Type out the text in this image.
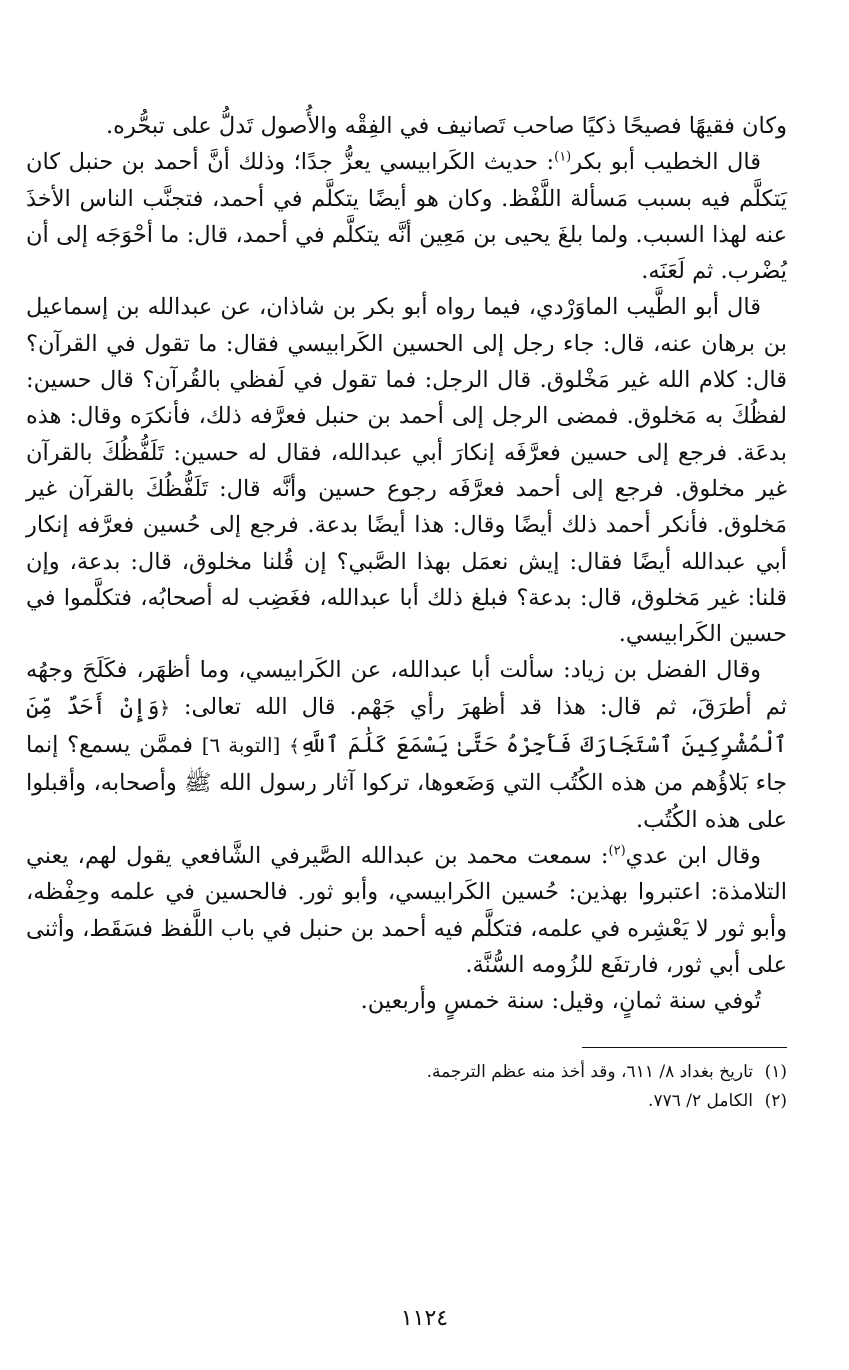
وكان فقيهًا فصيحًا ذكيًا صاحب تَصانيف في الفِقْه والأُصول تَدلُّ على تبحُّره.

قال الخطيب أبو بكر$^{(١)}$: حديث الكَرابيسي يعزُّ جدًا؛ وذلك أنَّ أحمد بن حنبل كان يَتكلَّم فيه بسبب مَسألة اللَّفْظ. وكان هو أيضًا يتكلَّم في أحمد، فتجنَّب الناس الأخذَ عنه لهذا السبب. ولما بلغَ يحيى بن مَعِين أنَّه يتكلَّم في أحمد، قال: ما أحْوَجَه إلى أن يُضْرب. ثم لَعَنَه.

قال أبو الطَّيب الماوَرْدي، فيما رواه أبو بكر بن شاذان، عن عبدالله بن إسماعيل بن برهان عنه، قال: جاء رجل إلى الحسين الكَرابيسي فقال: ما تقول في القرآن؟ قال: كلام الله غير مَخْلوق. قال الرجل: فما تقول في لَفظي بالقُرآن؟ قال حسين: لفظُكَ به مَخلوق. فمضى الرجل إلى أحمد بن حنبل فعرَّفه ذلك، فأنكرَه وقال: هذه بدعَة. فرجع إلى حسين فعرَّفَه إنكارَ أبي عبدالله، فقال له حسين: تَلَفُّظُكَ بالقرآن غير مخلوق. فرجع إلى أحمد فعرَّفَه رجوع حسين وأنَّه قال: تَلَفُّظُكَ بالقرآن غير مَخلوق. فأنكر أحمد ذلك أيضًا وقال: هذا أيضًا بدعة. فرجع إلى حُسين فعرَّفه إنكار أبي عبدالله أيضًا فقال: إيش نعمَل بهذا الصَّبي؟ إن قُلنا مخلوق، قال: بدعة، وإن قلنا: غير مَخلوق، قال: بدعة؟ فبلغ ذلك أبا عبدالله، فغَضِب له أصحابُه، فتكلَّموا في حسين الكَرابيسي.

وقال الفضل بن زياد: سألت أبا عبدالله، عن الكَرابيسي، وما أظهَر، فكَلَحَ وجهُه ثم أطرَقَ، ثم قال: هذا قد أظهرَ رأي جَهْم. قال الله تعالى: ﴿وَإِنْ أَحَدٌ مِّنَ ٱلْمُشْرِكِينَ ٱسْتَجَارَكَ فَأَجِرْهُ حَتَّىٰ يَسْمَعَ كَلَٰمَ ٱللَّهِ﴾ [التوبة ٦] فممَّن يسمع؟ إنما جاء بَلاؤُهم من هذه الكُتُب التي وَضَعوها، تركوا آثار رسول الله ﷺ وأصحابه، وأقبلوا على هذه الكُتُب.

وقال ابن عدي$^{(٢)}$: سمعت محمد بن عبدالله الصَّيرفي الشَّافعي يقول لهم، يعني التلامذة: اعتبروا بهذين: حُسين الكَرابيسي، وأبو ثور. فالحسين في علمه وحِفْظه، وأبو ثور لا يَعْشِره في علمه، فتكلَّم فيه أحمد بن حنبل في باب اللَّفظ فسَقَط، وأثنى على أبي ثور، فارتفَع للزُومه السُّنَّة.

تُوفي سنة ثمانٍ، وقيل: سنة خمسٍ وأربعين.

(١)تاريخ بغداد ٨/ ٦١١، وقد أخذ منه عظم الترجمة.

(٢)الكامل ٢/ ٧٧٦.

١١٢٤
